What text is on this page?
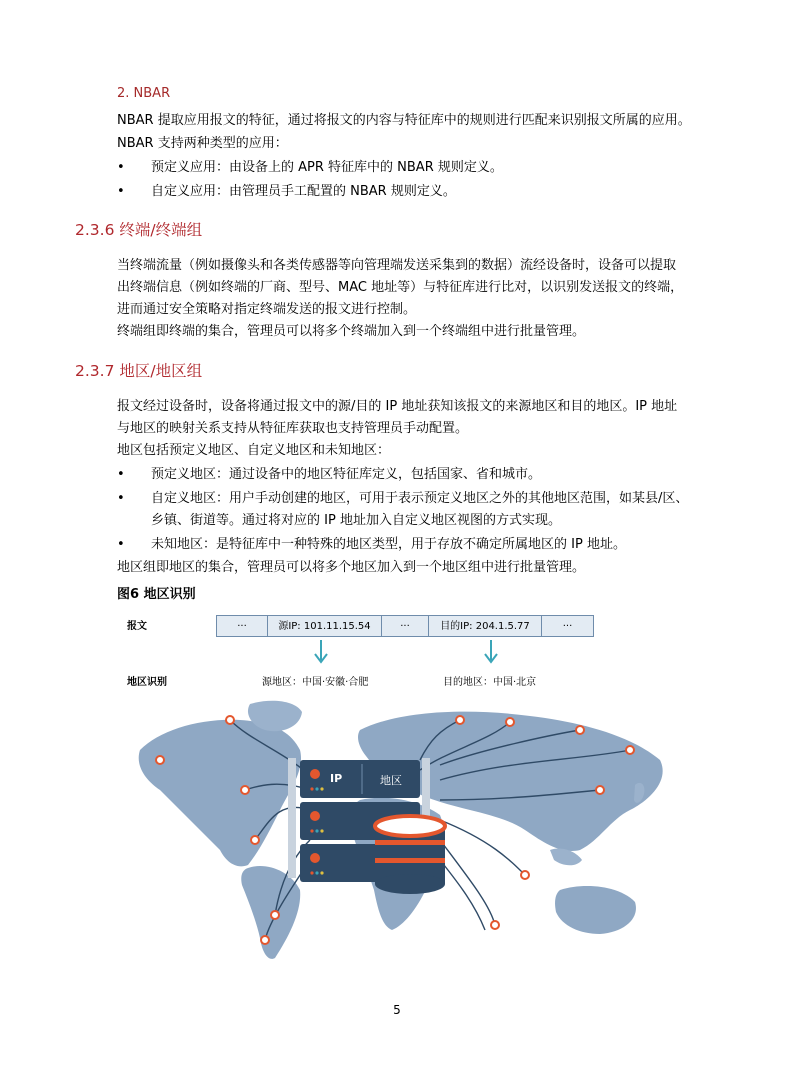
2. NBAR
NBAR 提取应用报文的特征，通过将报文的内容与特征库中的规则进行匹配来识别报文所属的应用。
NBAR 支持两种类型的应用：
•	预定义应用：由设备上的 APR 特征库中的 NBAR 规则定义。
•	自定义应用：由管理员手工配置的 NBAR 规则定义。
2.3.6 终端/终端组
当终端流量（例如摄像头和各类传感器等向管理端发送采集到的数据）流经设备时，设备可以提取
出终端信息（例如终端的厂商、型号、MAC 地址等）与特征库进行比对，以识别发送报文的终端，
进而通过安全策略对指定终端发送的报文进行控制。
终端组即终端的集合，管理员可以将多个终端加入到一个终端组中进行批量管理。
2.3.7 地区/地区组
报文经过设备时，设备将通过报文中的源/目的 IP 地址获知该报文的来源地区和目的地区。IP 地址
与地区的映射关系支持从特征库获取也支持管理员手动配置。
地区包括预定义地区、自定义地区和未知地区：
•	预定义地区：通过设备中的地区特征库定义，包括国家、省和城市。
•	自定义地区：用户手动创建的地区，可用于表示预定义地区之外的其他地区范围，如某县/区、
乡镇、街道等。通过将对应的 IP 地址加入自定义地区视图的方式实现。
•	未知地区：是特征库中一种特殊的地区类型，用于存放不确定所属地区的 IP 地址。
地区组即地区的集合，管理员可以将多个地区加入到一个地区组中进行批量管理。
图6 地区识别
报文	···	源IP: 101.11.15.54	···	目的IP: 204.1.5.77	···
地区识别	源地区：中国·安徽·合肥	目的地区：中国·北京
IP	地区
5
